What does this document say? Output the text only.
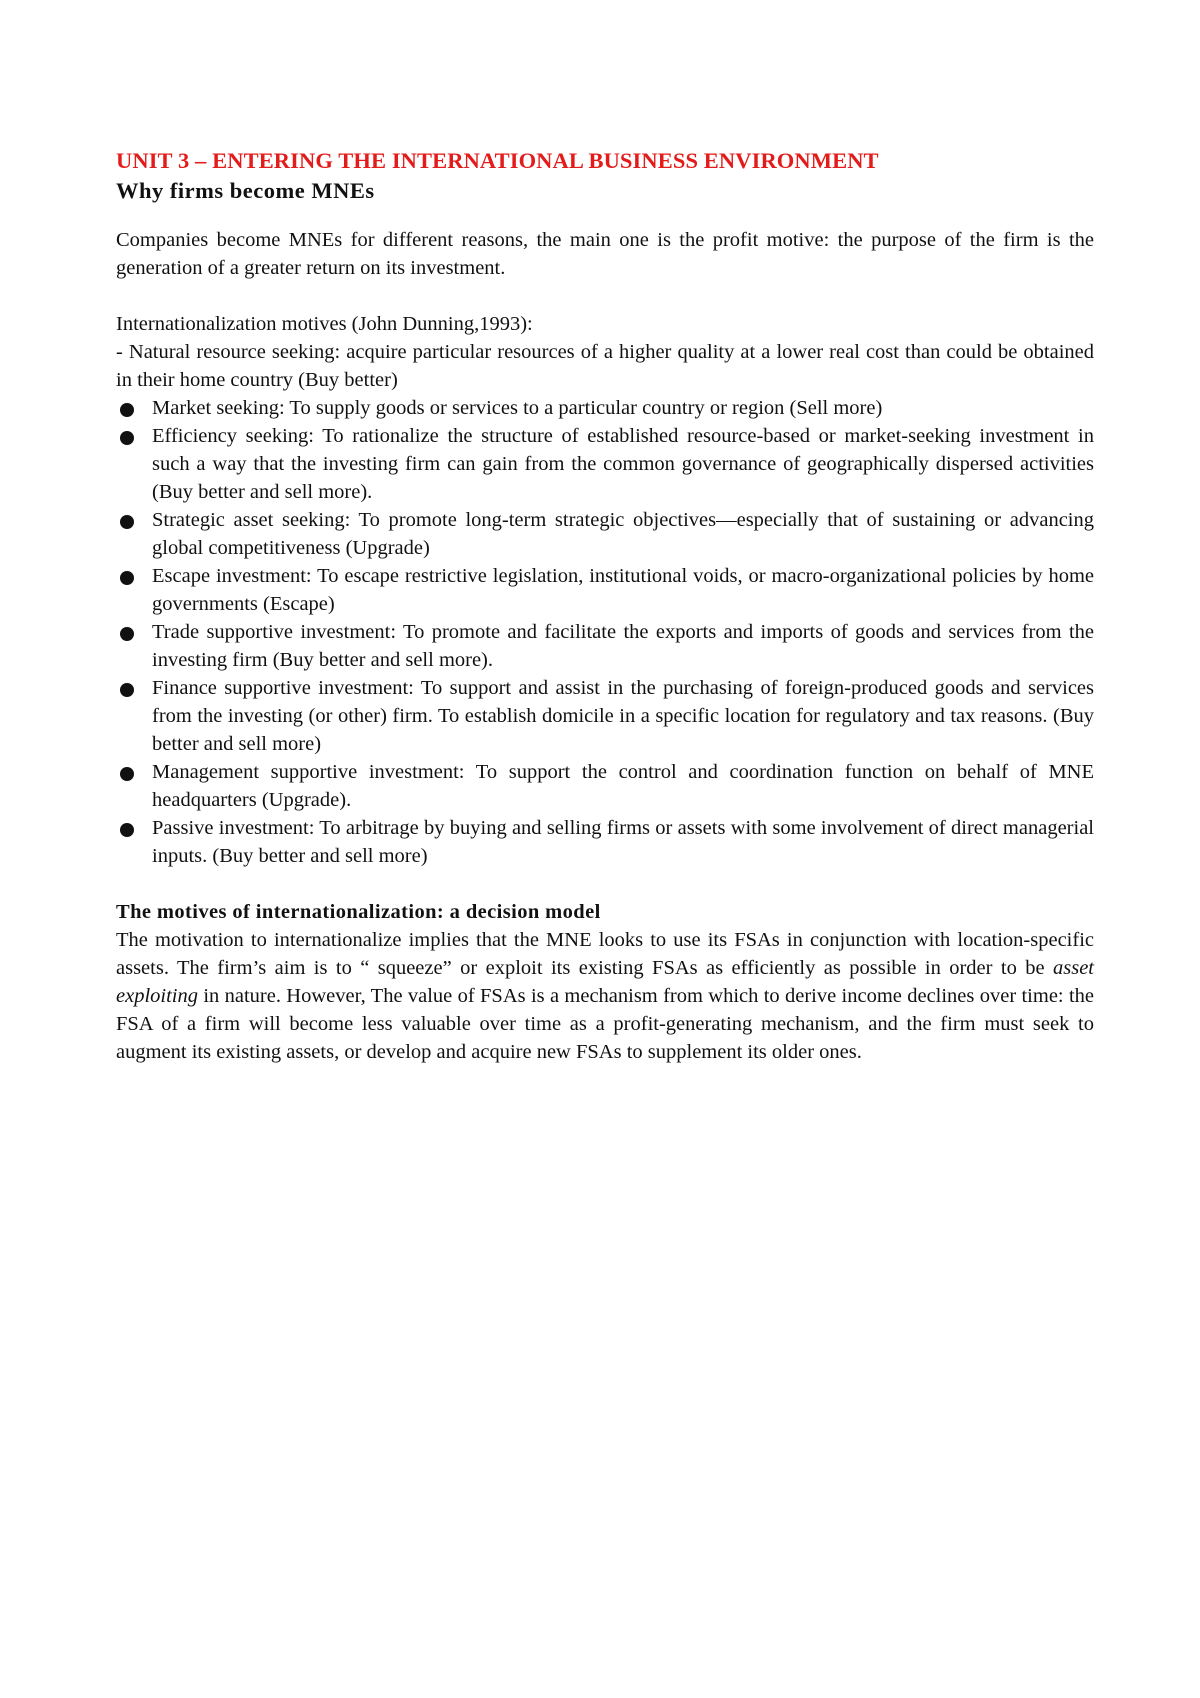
UNIT 3 – ENTERING THE INTERNATIONAL BUSINESS ENVIRONMENT
Why firms become MNEs

Companies become MNEs for different reasons, the main one is the profit motive: the purpose of the firm is the generation of a greater return on its investment.

Internationalization motives (John Dunning,1993):

- Natural resource seeking: acquire particular resources of a higher quality at a lower real cost than could be obtained in their home country (Buy better)

Market seeking: To supply goods or services to a particular country or region (Sell more)
Efficiency seeking: To rationalize the structure of established resource-based or market-seeking investment in such a way that the investing firm can gain from the common governance of geographically dispersed activities (Buy better and sell more).
Strategic asset seeking: To promote long-term strategic objectives—especially that of sustaining or advancing global competitiveness (Upgrade)
Escape investment: To escape restrictive legislation, institutional voids, or macro-organizational policies by home governments (Escape)
Trade supportive investment: To promote and facilitate the exports and imports of goods and services from the investing firm (Buy better and sell more).
Finance supportive investment: To support and assist in the purchasing of foreign-produced goods and services from the investing (or other) firm. To establish domicile in a specific location for regulatory and tax reasons. (Buy better and sell more)
Management supportive investment: To support the control and coordination function on behalf of MNE headquarters (Upgrade).
Passive investment: To arbitrage by buying and selling firms or assets with some involvement of direct managerial inputs. (Buy better and sell more)

The motives of internationalization: a decision model

The motivation to internationalize implies that the MNE looks to use its FSAs in conjunction with location-specific assets. The firm’s aim is to “ squeeze” or exploit its existing FSAs as efficiently as possible in order to be asset exploiting in nature. However, The value of FSAs is a mechanism from which to derive income declines over time: the FSA of a firm will become less valuable over time as a profit-generating mechanism, and the firm must seek to augment its existing assets, or develop and acquire new FSAs to supplement its older ones.
